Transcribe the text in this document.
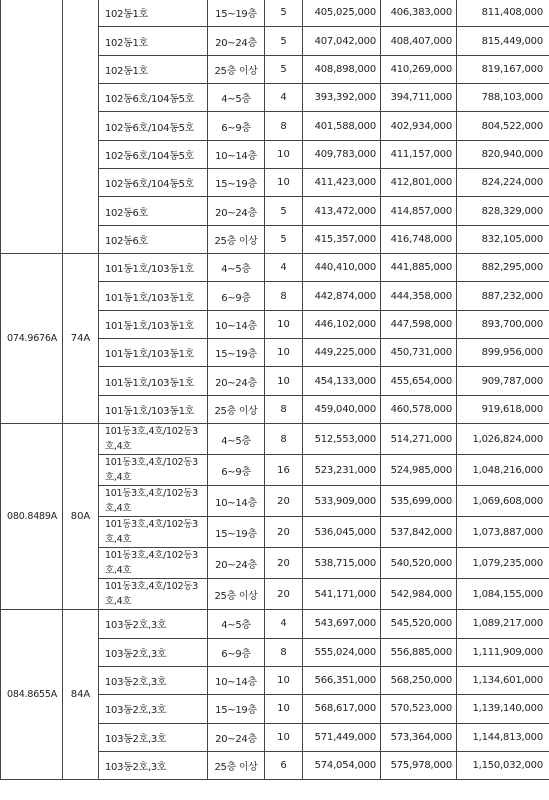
		102동1호	15~19층	5	405,025,000	406,383,000	811,408,000
		102동1호	20~24층	5	407,042,000	408,407,000	815,449,000
		102동1호	25층 이상	5	408,898,000	410,269,000	819,167,000
		102동6호/104동5호	4~5층	4	393,392,000	394,711,000	788,103,000
		102동6호/104동5호	6~9층	8	401,588,000	402,934,000	804,522,000
		102동6호/104동5호	10~14층	10	409,783,000	411,157,000	820,940,000
		102동6호/104동5호	15~19층	10	411,423,000	412,801,000	824,224,000
		102동6호	20~24층	5	413,472,000	414,857,000	828,329,000
		102동6호	25층 이상	5	415,357,000	416,748,000	832,105,000
074.9676A	74A	101동1호/103동1호	4~5층	4	440,410,000	441,885,000	882,295,000
		101동1호/103동1호	6~9층	8	442,874,000	444,358,000	887,232,000
		101동1호/103동1호	10~14층	10	446,102,000	447,598,000	893,700,000
		101동1호/103동1호	15~19층	10	449,225,000	450,731,000	899,956,000
		101동1호/103동1호	20~24층	10	454,133,000	455,654,000	909,787,000
		101동1호/103동1호	25층 이상	8	459,040,000	460,578,000	919,618,000
080.8489A	80A	101동3호,4호/102동3호,4호	4~5층	8	512,553,000	514,271,000	1,026,824,000
		101동3호,4호/102동3호,4호	6~9층	16	523,231,000	524,985,000	1,048,216,000
		101동3호,4호/102동3호,4호	10~14층	20	533,909,000	535,699,000	1,069,608,000
		101동3호,4호/102동3호,4호	15~19층	20	536,045,000	537,842,000	1,073,887,000
		101동3호,4호/102동3호,4호	20~24층	20	538,715,000	540,520,000	1,079,235,000
		101동3호,4호/102동3호,4호	25층 이상	20	541,171,000	542,984,000	1,084,155,000
084.8655A	84A	103동2호,3호	4~5층	4	543,697,000	545,520,000	1,089,217,000
		103동2호,3호	6~9층	8	555,024,000	556,885,000	1,111,909,000
		103동2호,3호	10~14층	10	566,351,000	568,250,000	1,134,601,000
		103동2호,3호	15~19층	10	568,617,000	570,523,000	1,139,140,000
		103동2호,3호	20~24층	10	571,449,000	573,364,000	1,144,813,000
		103동2호,3호	25층 이상	6	574,054,000	575,978,000	1,150,032,000
